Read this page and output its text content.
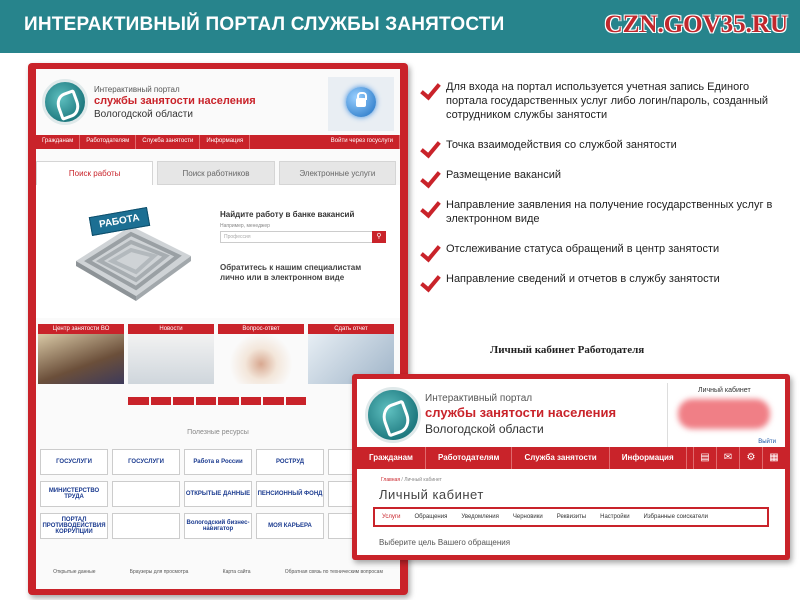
ИНТЕРАКТИВНЫЙ ПОРТАЛ СЛУЖБЫ ЗАНЯТОСТИ	CZN.GOV35.RU
Интерактивный портал
службы занятости населения
Вологодской области
Гражданам	Работодателям	Служба занятости	Информация	Войти через госуслуги
Поиск работы	Поиск работников	Электронные услуги
РАБОТА	Найдите работу в банке вакансий
Например, менеджер
Профессия	⚲
Обратитесь к нашим специалистам лично или в электронном виде
Центр занятости ВО	Новости	Вопрос-ответ	Сдать отчет
Полезные ресурсы
ГОСУСЛУГИ	ГОСУСЛУГИ	Работа в России	РОСТРУД
МИНИСТЕРСТВО ТРУДА	ОТКРЫТЫЕ ДАННЫЕ	ПЕНСИОННЫЙ ФОНД
ПОРТАЛ ПРОТИВОДЕЙСТВИЯ КОРРУПЦИИ
Вологодский бизнес-навигатор	МОЯ КАРЬЕРА
Открытые данные	Браузеры для просмотра	Карта сайта	Обратная связь по техническим вопросам
Для входа на портал используется учетная запись Единого портала государственных услуг либо логин/пароль, созданный сотрудником службы занятости
Точка взаимодействия со службой занятости
Размещение вакансий
Направление заявления на получение государственных услуг в электронном виде
Отслеживание статуса обращений в центр занятости
Направление сведений и отчетов в службу занятости
Личный кабинет Работодателя
Интерактивный портал
службы занятости населения
Вологодской области
Личный кабинет
Выйти
Гражданам	Работодателям	Служба занятости	Информация	▤	✉	⚙	▦
Главная / Личный кабинет
Личный кабинет
Услуги	Обращения	Уведомления	Черновики	Реквизиты	Настройки	Избранные соискатели
Выберите цель Вашего обращения
